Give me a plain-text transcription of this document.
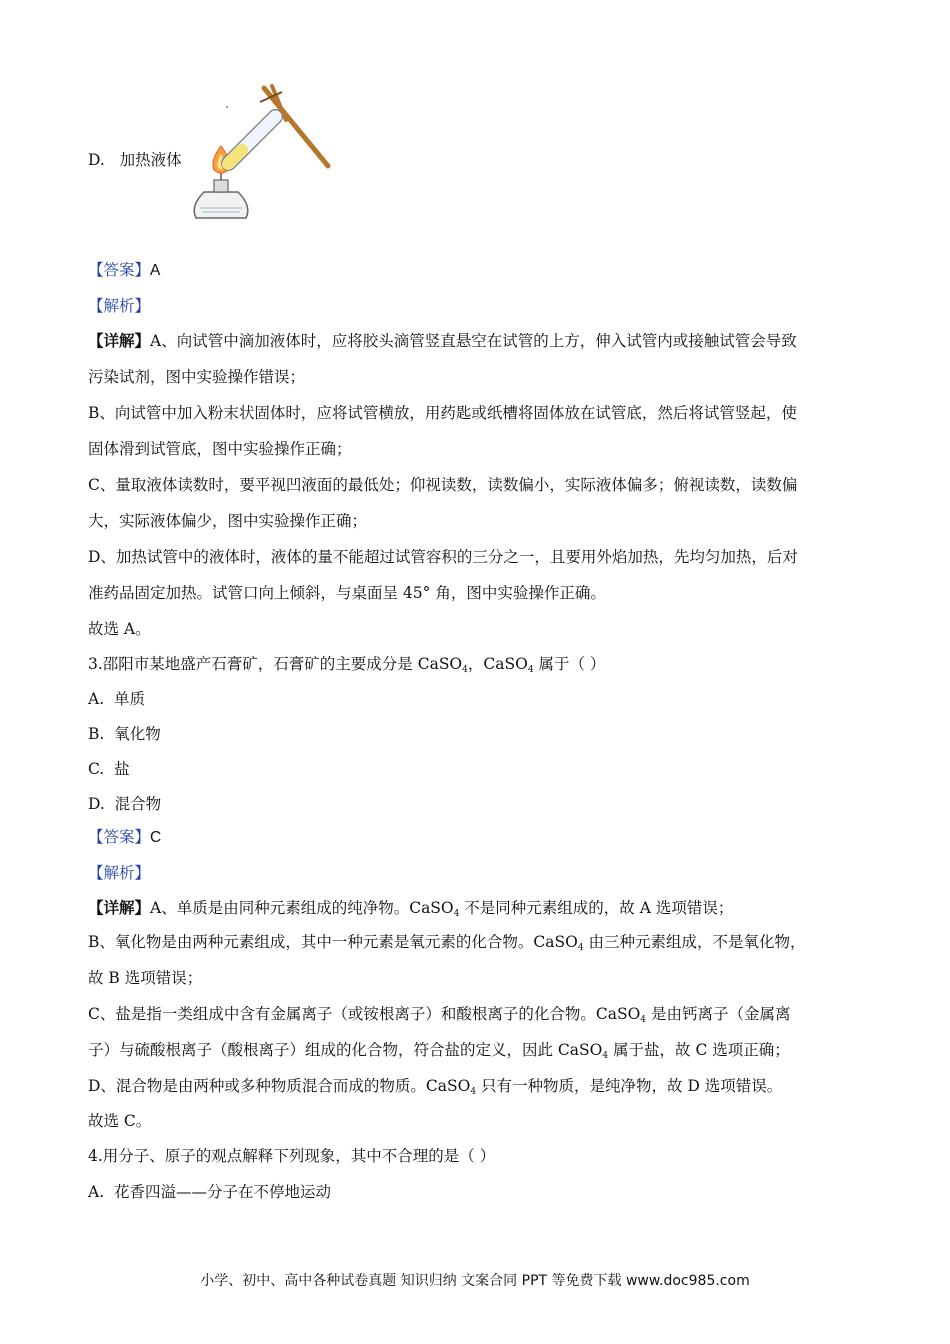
D. 加热液体
【答案】A
【解析】
【详解】A、向试管中滴加液体时，应将胶头滴管竖直悬空在试管的上方，伸入试管内或接触试管会导致
污染试剂，图中实验操作错误；
B、向试管中加入粉末状固体时，应将试管横放，用药匙或纸槽将固体放在试管底，然后将试管竖起，使
固体滑到试管底，图中实验操作正确；
C、量取液体读数时，要平视凹液面的最低处；仰视读数，读数偏小，实际液体偏多；俯视读数，读数偏
大，实际液体偏少，图中实验操作正确；
D、加热试管中的液体时，液体的量不能超过试管容积的三分之一，且要用外焰加热，先均匀加热，后对
准药品固定加热。试管口向上倾斜，与桌面呈 45° 角，图中实验操作正确。
故选 A。
3.邵阳市某地盛产石膏矿，石膏矿的主要成分是 CaSO$_4$，CaSO$_4$ 属于（ ）
A. 单质
B. 氧化物
C. 盐
D. 混合物
【答案】C
【解析】
【详解】A、单质是由同种元素组成的纯净物。CaSO$_4$ 不是同种元素组成的，故 A 选项错误；
B、氧化物是由两种元素组成，其中一种元素是氧元素的化合物。CaSO$_4$ 由三种元素组成，不是氧化物，
故 B 选项错误；
C、盐是指一类组成中含有金属离子（或铵根离子）和酸根离子的化合物。CaSO$_4$ 是由钙离子（金属离
子）与硫酸根离子（酸根离子）组成的化合物，符合盐的定义，因此 CaSO$_4$ 属于盐，故 C 选项正确；
D、混合物是由两种或多种物质混合而成的物质。CaSO$_4$ 只有一种物质，是纯净物，故 D 选项错误。
故选 C。
4.用分子、原子的观点解释下列现象，其中不合理的是（ ）
A. 花香四溢——分子在不停地运动
小学、初中、高中各种试卷真题 知识归纳 文案合同 PPT 等免费下载 www.doc985.com
